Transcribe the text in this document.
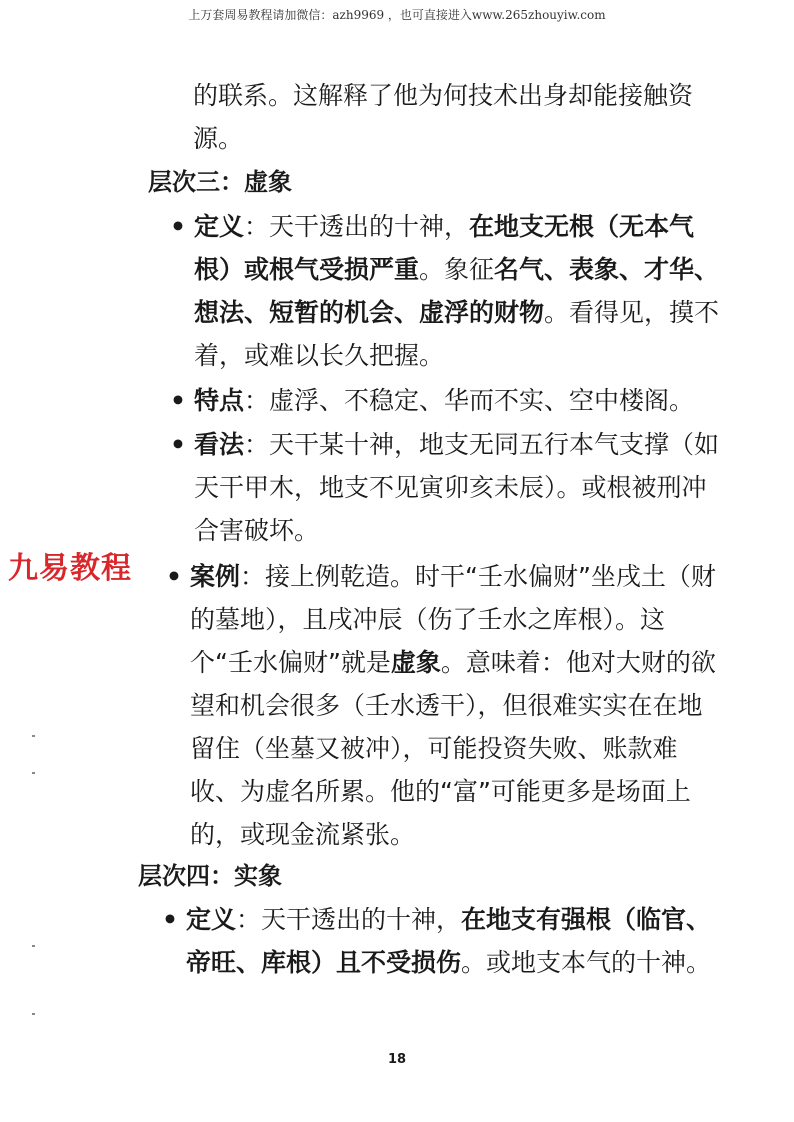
上万套周易教程请加微信：azh9969 ，也可直接进入www.265zhouyiw.com
的联系。这解释了他为何技术出身却能接触资源。
层次三：虚象
• 定义：天干透出的十神，在地支无根（无本气根）或根气受损严重。象征名气、表象、才华、想法、短暂的机会、虚浮的财物。看得见，摸不着，或难以长久把握。
• 特点：虚浮、不稳定、华而不实、空中楼阁。
• 看法：天干某十神，地支无同五行本气支撑（如天干甲木，地支不见寅卯亥未辰）。或根被刑冲合害破坏。
• 案例：接上例乾造。时干“壬水偏财”坐戌土（财的墓地），且戌冲辰（伤了壬水之库根）。这个“壬水偏财”就是虚象。意味着：他对大财的欲望和机会很多（壬水透干），但很难实实在在地留住（坐墓又被冲），可能投资失败、账款难收、为虚名所累。他的“富”可能更多是场面上的，或现金流紧张。
层次四：实象
• 定义：天干透出的十神，在地支有强根（临官、帝旺、库根）且不受损伤。或地支本气的十神。
18
九易教程
